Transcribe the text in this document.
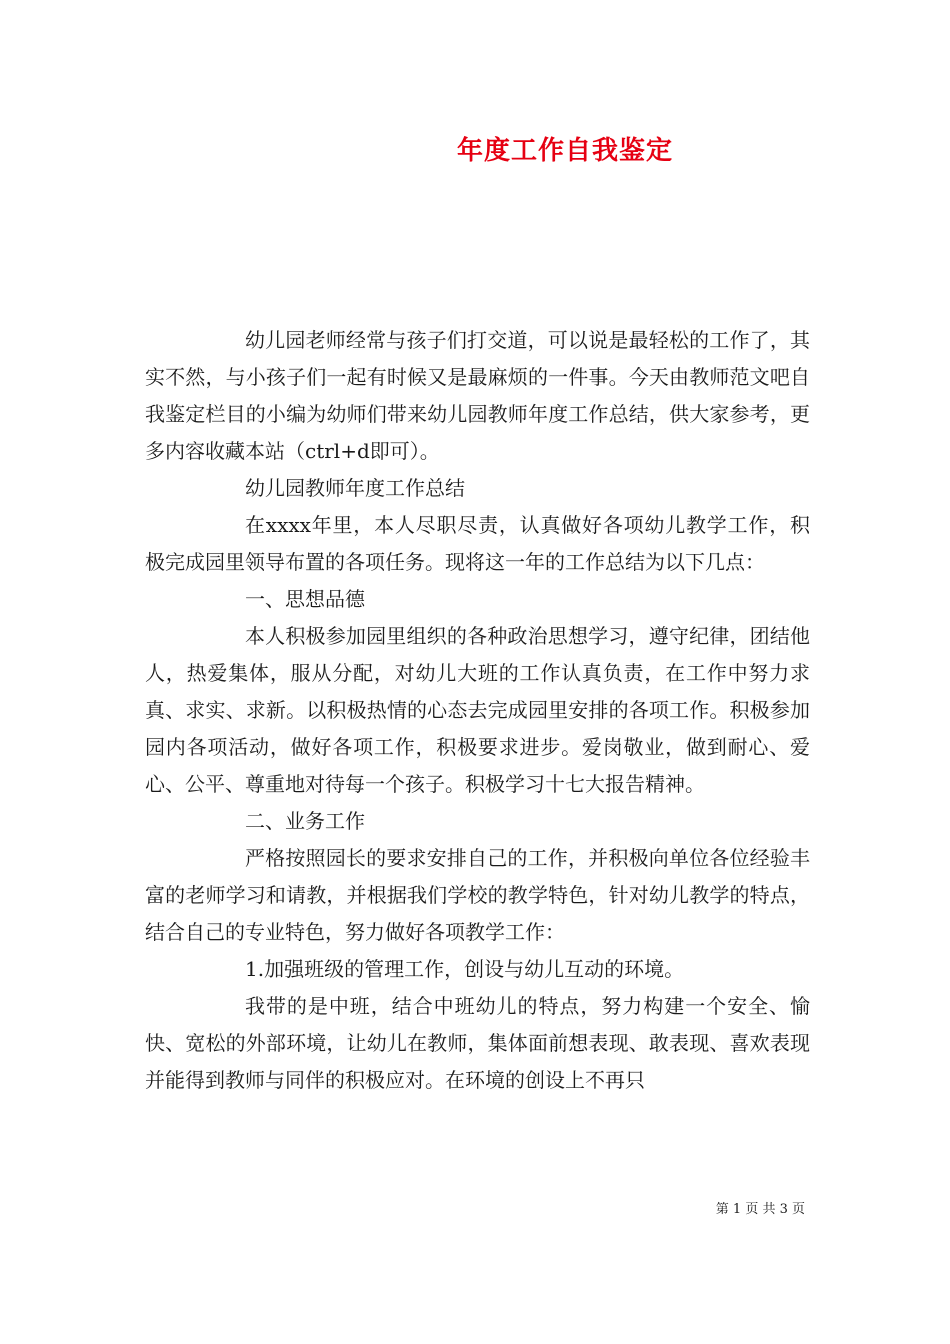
年度工作自我鉴定

幼儿园老师经常与孩子们打交道，可以说是最轻松的工作了，其实不然，与小孩子们一起有时候又是最麻烦的一件事。今天由教师范文吧自我鉴定栏目的小编为幼师们带来幼儿园教师年度工作总结，供大家参考，更多内容收藏本站（ctrl+d即可）。

幼儿园教师年度工作总结

在xxxx年里，本人尽职尽责，认真做好各项幼儿教学工作，积极完成园里领导布置的各项任务。现将这一年的工作总结为以下几点：

一、思想品德

本人积极参加园里组织的各种政治思想学习，遵守纪律，团结他人，热爱集体，服从分配，对幼儿大班的工作认真负责，在工作中努力求真、求实、求新。以积极热情的心态去完成园里安排的各项工作。积极参加园内各项活动，做好各项工作，积极要求进步。爱岗敬业，做到耐心、爱心、公平、尊重地对待每一个孩子。积极学习十七大报告精神。

二、业务工作

严格按照园长的要求安排自己的工作，并积极向单位各位经验丰富的老师学习和请教，并根据我们学校的教学特色，针对幼儿教学的特点，结合自己的专业特色，努力做好各项教学工作：

1.加强班级的管理工作，创设与幼儿互动的环境。

我带的是中班，结合中班幼儿的特点，努力构建一个安全、愉快、宽松的外部环境，让幼儿在教师，集体面前想表现、敢表现、喜欢表现并能得到教师与同伴的积极应对。在环境的创设上不再只

第 1 页 共 3 页
